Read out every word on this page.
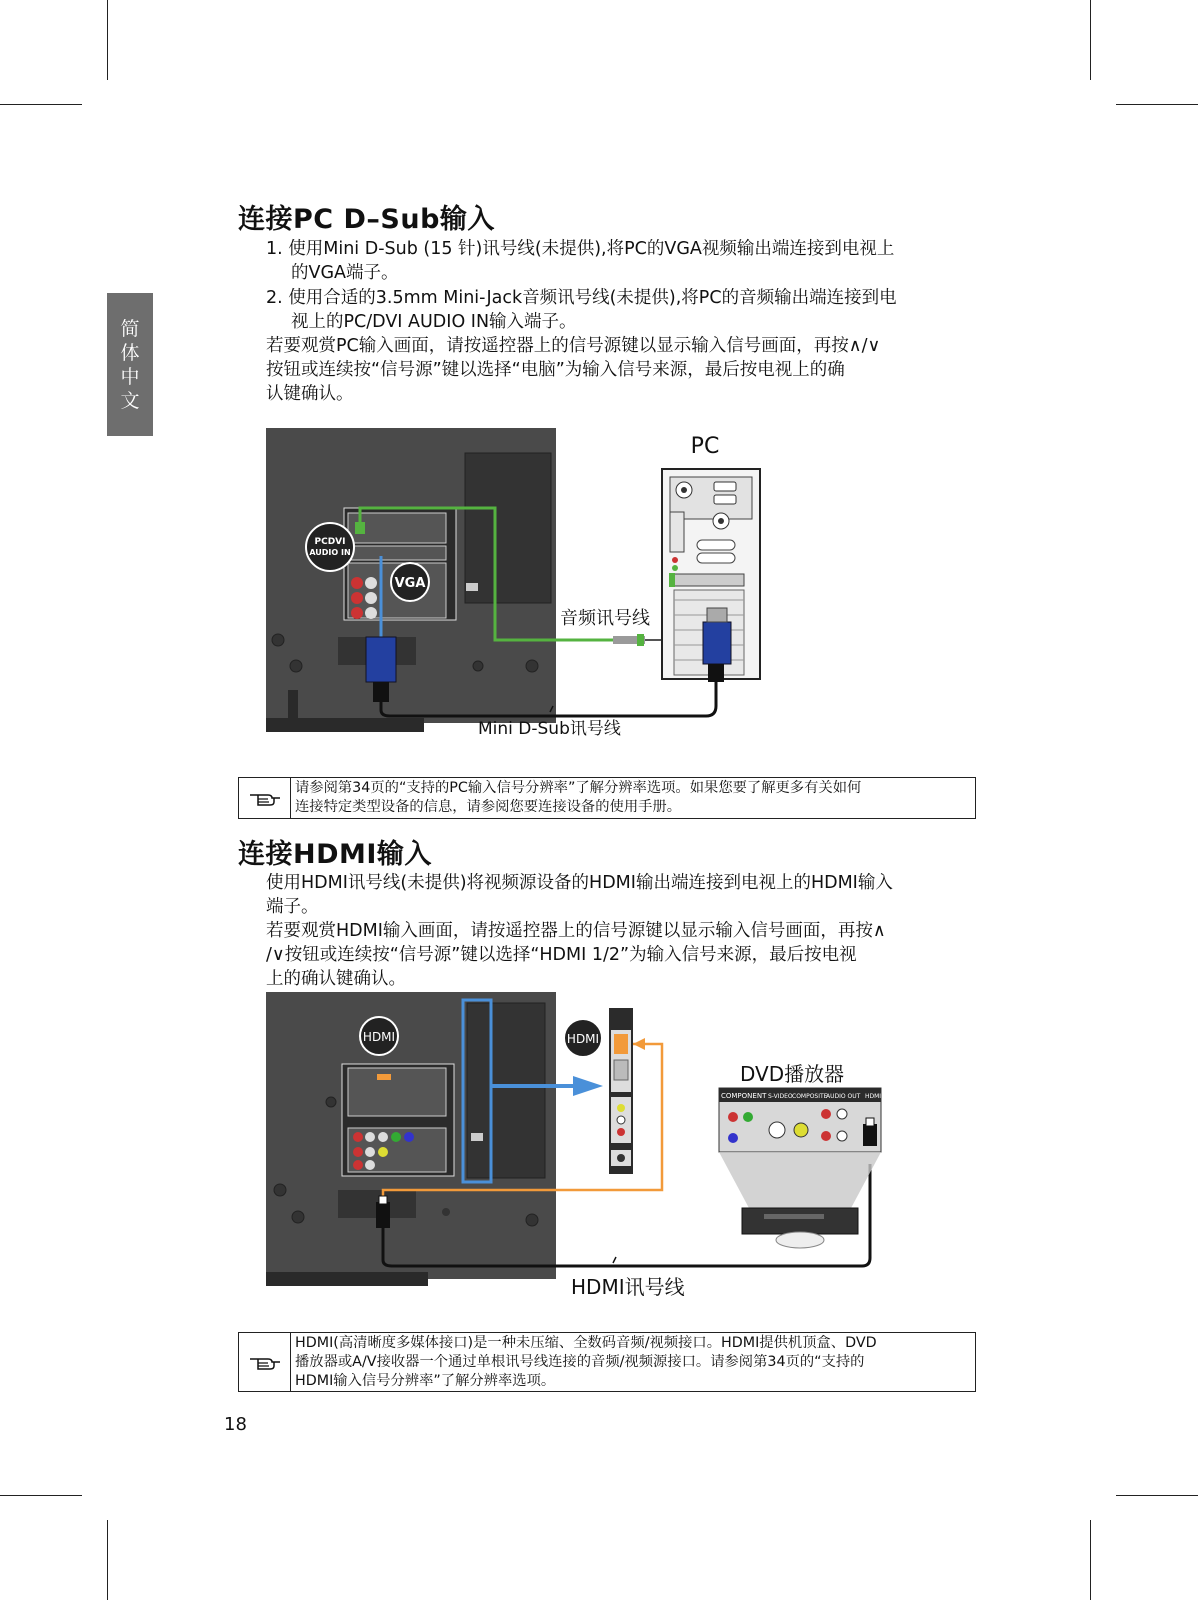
简
体
中
文
连接PC D–Sub输入

1. 使用Mini D-Sub (15 针)讯号线(未提供),将PC的VGA视频输出端连接到电视上

的VGA端子。

2. 使用合适的3.5mm Mini-Jack音频讯号线(未提供),将PC的音频输出端连接到电

视上的PC/DVI AUDIO IN输入端子。

若要观赏PC输入画面，请按遥控器上的信号源键以显示输入信号画面，再按∧/∨

按钮或连续按“信号源”键以选择“电脑”为输入信号来源，最后按电视上的确

认键确认。

PCDVI
AUDIO IN
VGA
PC
音频讯号线
Mini D-Sub讯号线
请参阅第34页的“支持的PC输入信号分辨率”了解分辨率选项。如果您要了解更多有关如何
连接特定类型设备的信息，请参阅您要连接设备的使用手册。
连接HDMI输入

使用HDMI讯号线(未提供)将视频源设备的HDMI输出端连接到电视上的HDMI输入

端子。

若要观赏HDMI输入画面，请按遥控器上的信号源键以显示输入信号画面，再按∧

/∨按钮或连续按“信号源”键以选择“HDMI 1/2”为输入信号来源，最后按电视

上的确认键确认。

HDMI	HDMI
DVD播放器
COMPONENT S-VIDEO COMPOSITE
AUDIO OUT HDMI
HDMI讯号线
HDMI(高清晰度多媒体接口)是一种未压缩、全数码音频/视频接口。HDMI提供机顶盒、DVD
播放器或A/V接收器一个通过单根讯号线连接的音频/视频源接口。请参阅第34页的“支持的
HDMI输入信号分辨率”了解分辨率选项。
18
